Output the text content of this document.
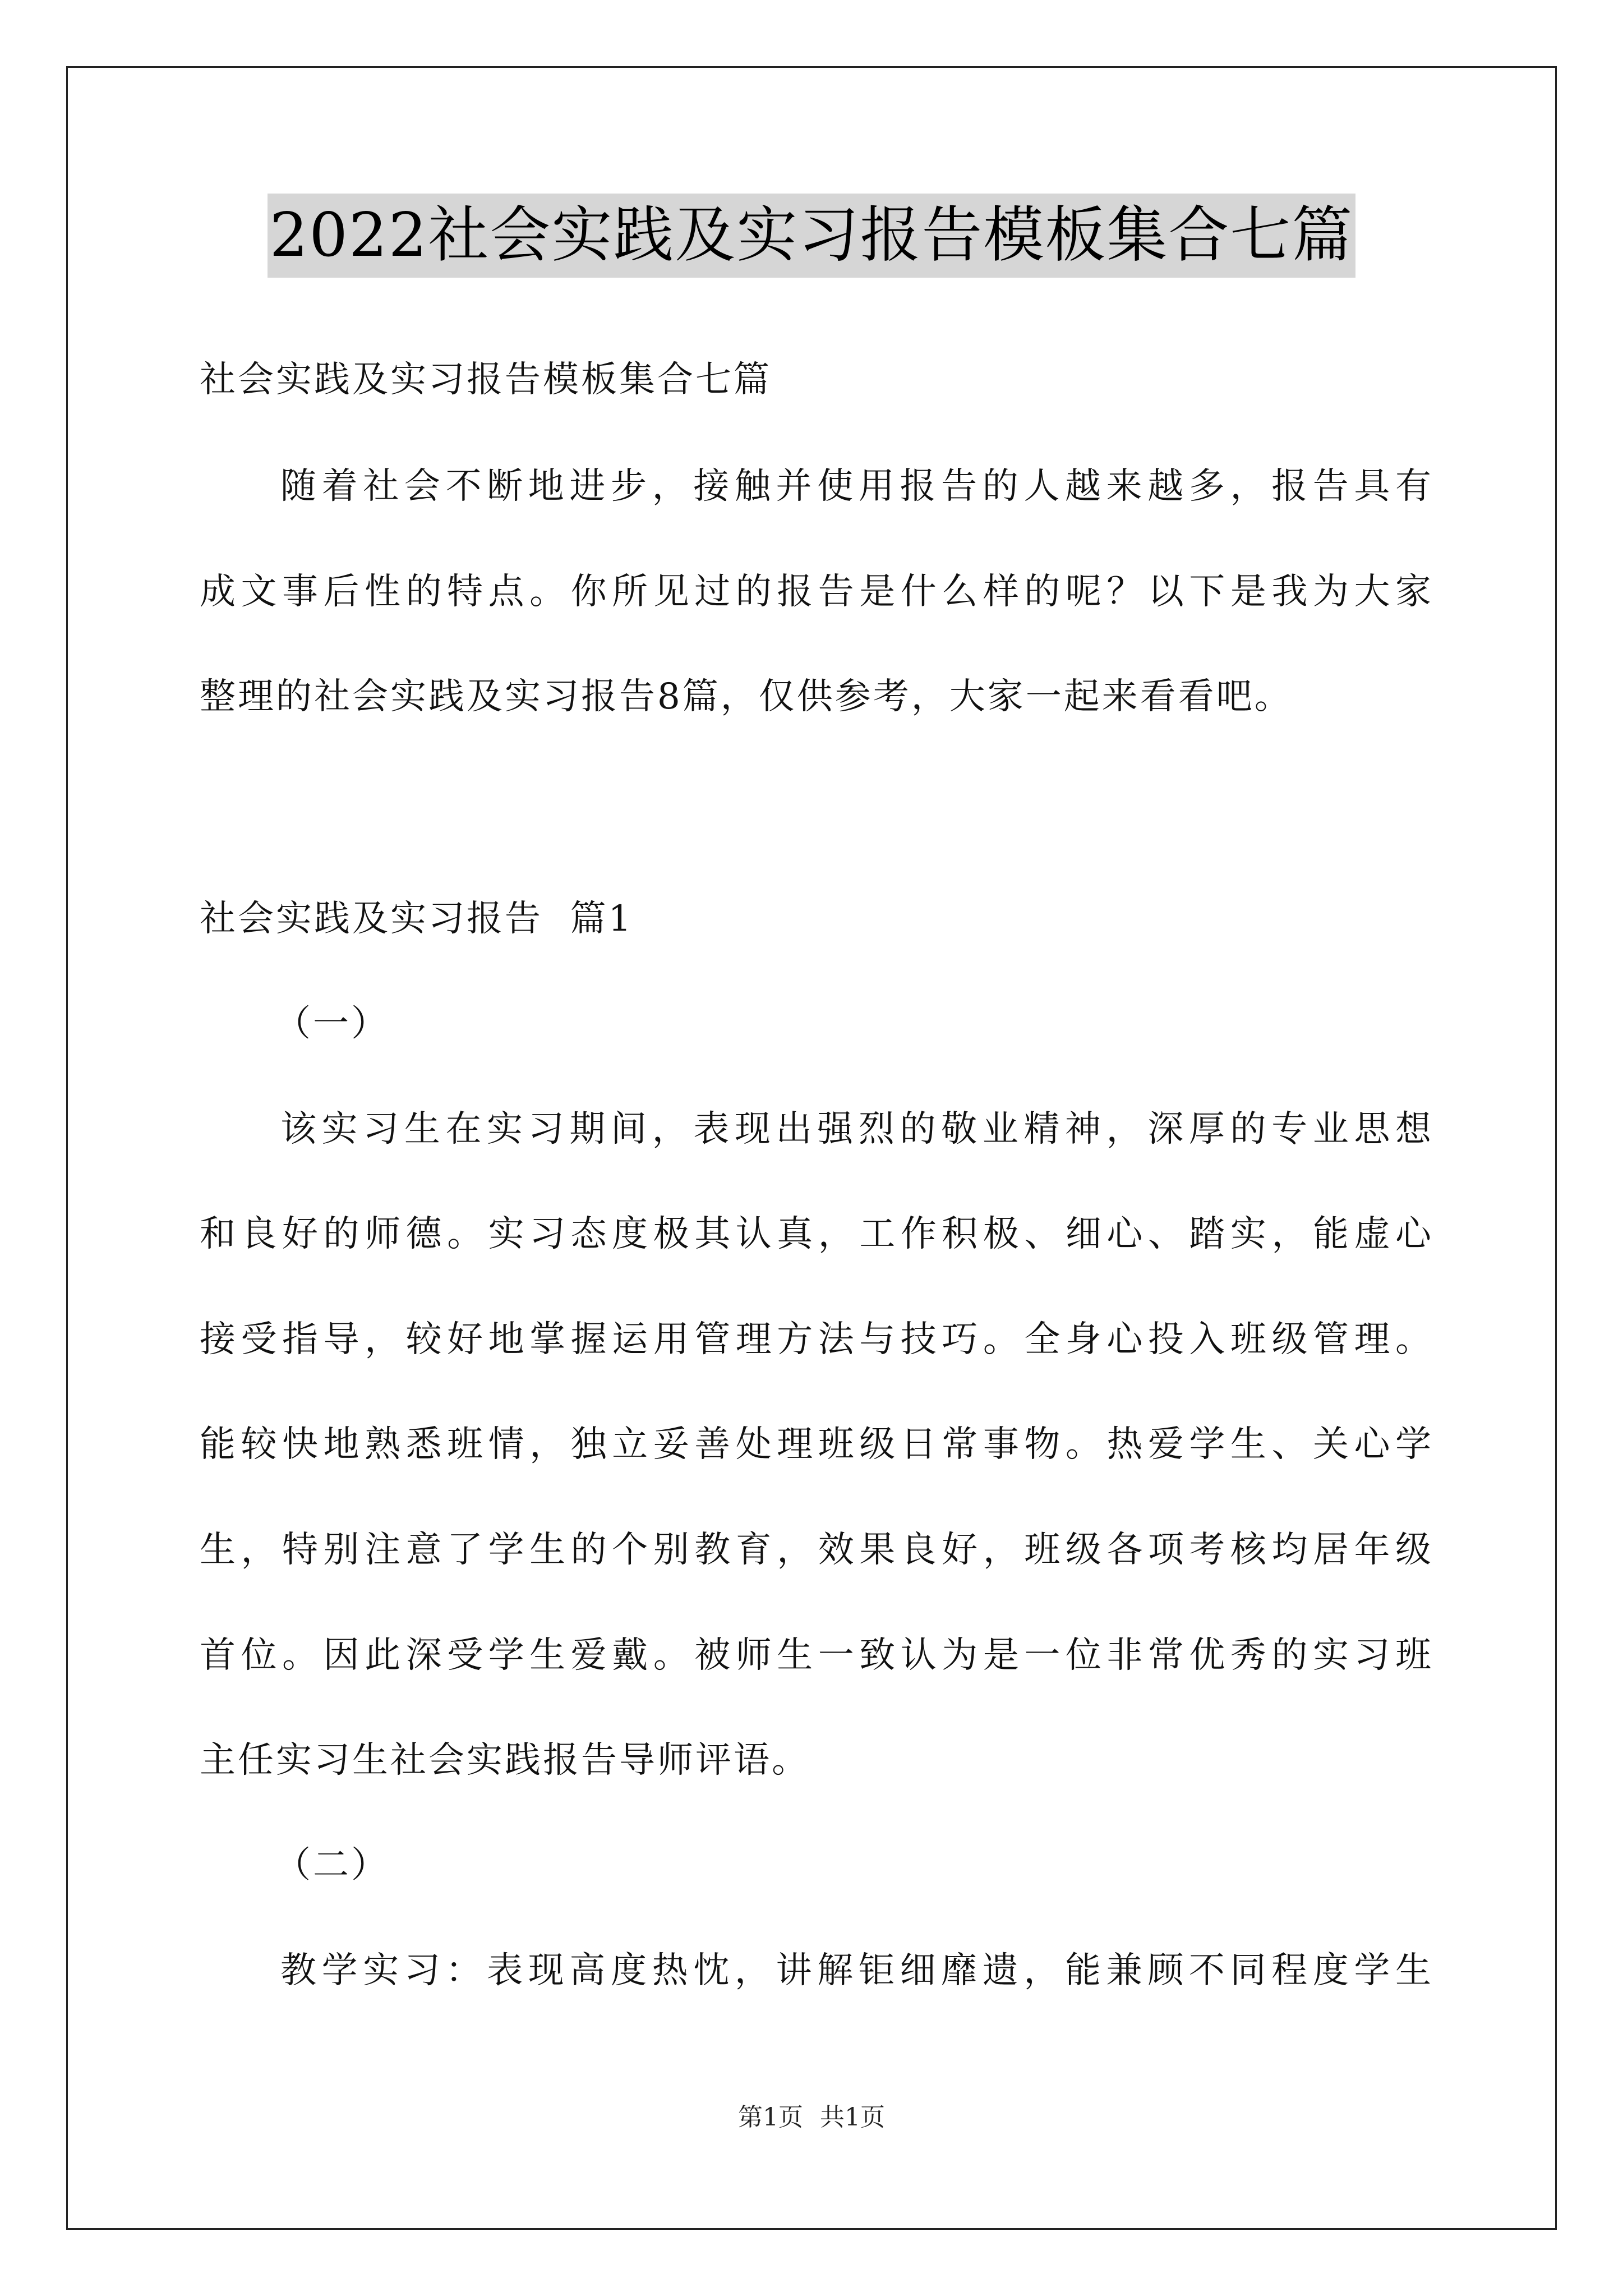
2022社会实践及实习报告模板集合七篇
社会实践及实习报告模板集合七篇
随着社会不断地进步，接触并使用报告的人越来越多，报告具有
成文事后性的特点。你所见过的报告是什么样的呢？以下是我为大家
整理的社会实践及实习报告8篇，仅供参考，大家一起来看看吧。
社会实践及实习报告  篇1
（一）
该实习生在实习期间，表现出强烈的敬业精神，深厚的专业思想
和良好的师德。实习态度极其认真，工作积极、细心、踏实，能虚心
接受指导，较好地掌握运用管理方法与技巧。全身心投入班级管理。
能较快地熟悉班情，独立妥善处理班级日常事物。热爱学生、关心学
生，特别注意了学生的个别教育，效果良好，班级各项考核均居年级
首位。因此深受学生爱戴。被师生一致认为是一位非常优秀的实习班
主任实习生社会实践报告导师评语。
（二）
教学实习：表现高度热忱，讲解钜细靡遗，能兼顾不同程度学生
第1页 共1页
